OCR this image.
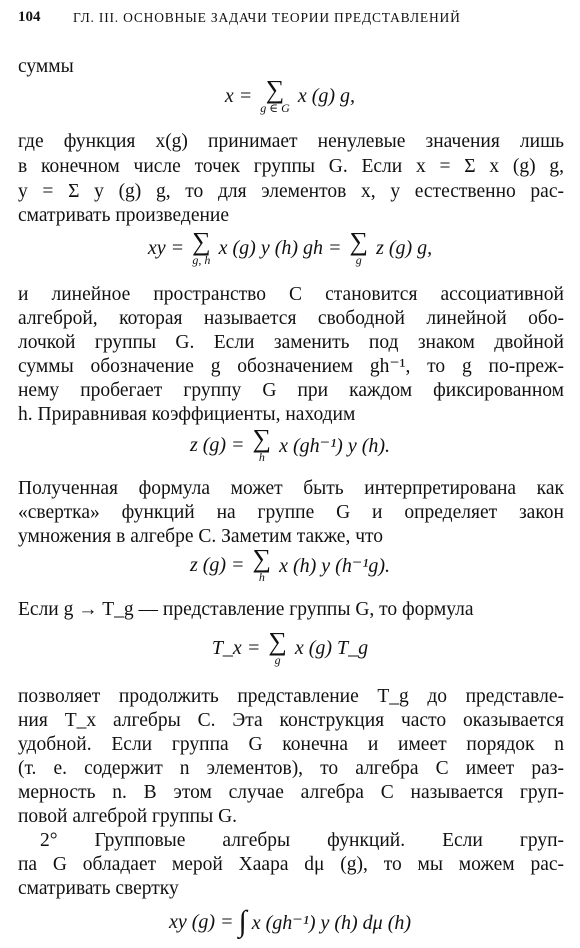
104 ГЛ. III. ОСНОВНЫЕ ЗАДАЧИ ТЕОРИИ ПРЕДСТАВЛЕНИЙ
суммы
x = ∑
g ∈ G
x (g) g,
где функция x(g) принимает ненулевые значения лишь
в конечном числе точек группы G. Если x = Σ x (g) g,
y = Σ y (g) g, то для элементов x, y естественно рас-
сматривать произведение
xy = ∑
g, h
x (g) y (h) gh = ∑
g
z (g) g,
и линейное пространство C становится ассоциативной
алгеброй, которая называется свободной линейной обо-
лочкой группы G. Если заменить под знаком двойной
суммы обозначение g обозначением gh⁻¹, то g по-преж-
нему пробегает группу G при каждом фиксированном
h. Приравнивая коэффициенты, находим
z (g) = ∑
h
x (gh⁻¹) y (h).
Полученная формула может быть интерпретирована как
«свертка» функций на группе G и определяет закон
умножения в алгебре C. Заметим также, что
z (g) = ∑
h
x (h) y (h⁻¹g).
Если g → T_g — представление группы G, то формула
T_x = ∑
g
x (g) T_g
позволяет продолжить представление T_g до представле-
ния T_x алгебры C. Эта конструкция часто оказывается
удобной. Если группа G конечна и имеет порядок n
(т. е. содержит n элементов), то алгебра C имеет раз-
мерность n. В этом случае алгебра C называется груп-
повой алгеброй группы G.
2° Групповые алгебры функций. Если груп-
па G обладает мерой Хаара dμ (g), то мы можем рас-
сматривать свертку
xy (g) = ∫ x (gh⁻¹) y (h) dμ (h)
